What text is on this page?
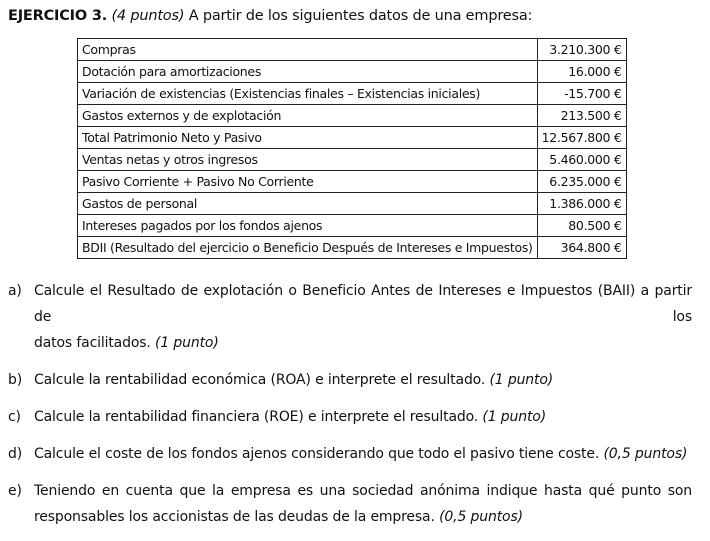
EJERCICIO 3. (4 puntos) A partir de los siguientes datos de una empresa:
Compras	3.210.300 €
Dotación para amortizaciones	16.000 €
Variación de existencias (Existencias finales – Existencias iniciales)	-15.700 €
Gastos externos y de explotación	213.500 €
Total Patrimonio Neto y Pasivo	12.567.800 €
Ventas netas y otros ingresos	5.460.000 €
Pasivo Corriente + Pasivo No Corriente	6.235.000 €
Gastos de personal	1.386.000 €
Intereses pagados por los fondos ajenos	80.500 €
BDII (Resultado del ejercicio o Beneficio Después de Intereses e Impuestos)	364.800 €
a) Calcule el Resultado de explotación o Beneficio Antes de Intereses e Impuestos (BAII) a partir de los
datos facilitados. (1 punto)
b) Calcule la rentabilidad económica (ROA) e interprete el resultado. (1 punto)
c) Calcule la rentabilidad financiera (ROE) e interprete el resultado. (1 punto)
d) Calcule el coste de los fondos ajenos considerando que todo el pasivo tiene coste. (0,5 puntos)
e) Teniendo en cuenta que la empresa es una sociedad anónima indique hasta qué punto son
responsables los accionistas de las deudas de la empresa. (0,5 puntos)
